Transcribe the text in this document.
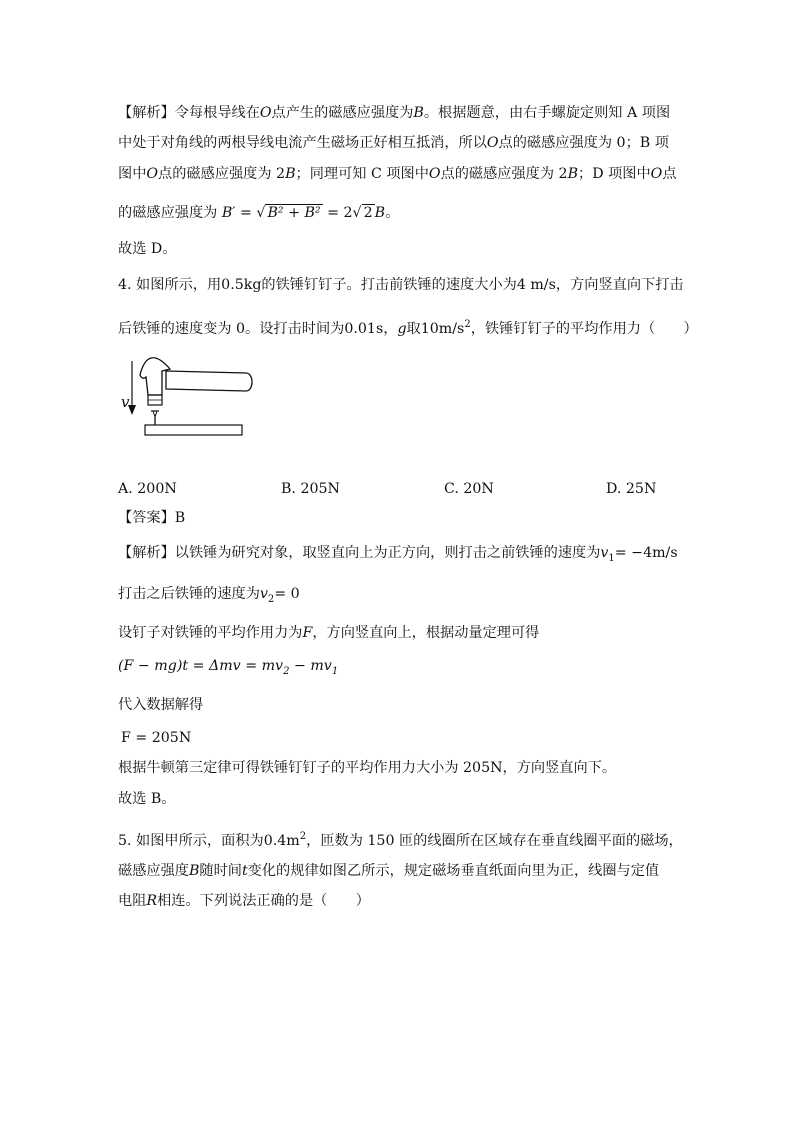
【解析】令每根导线在O点产生的磁感应强度为B。根据题意，由右手螺旋定则知 A 项图
中处于对角线的两根导线电流产生磁场正好相互抵消，所以O点的磁感应强度为 0；B 项
图中O点的磁感应强度为 2B；同理可知 C 项图中O点的磁感应强度为 2B；D 项图中O点
的磁感应强度为 B′ = √ B² + B² = 2√ 2 B。
故选 D。
4. 如图所示，用0.5kg的铁锤钉钉子。打击前铁锤的速度大小为4 m/s，方向竖直向下打击
后铁锤的速度变为 0。设打击时间为0.01s，g取$10m/s^2$，铁锤钉钉子的平均作用力（　　）
v
A. 200N	B. 205N	C. 20N	D. 25N
【答案】B
【解析】以铁锤为研究对象，取竖直向上为正方向，则打击之前铁锤的速度为$v_1= -4m/s$
打击之后铁锤的速度为$v_2= 0$
设钉子对铁锤的平均作用力为F，方向竖直向上，根据动量定理可得
$(F - mg)t = \Delta mv = mv_2 - mv_1$
代入数据解得
F = 205N
根据牛顿第三定律可得铁锤钉钉子的平均作用力大小为 205N，方向竖直向下。
故选 B。
5. 如图甲所示，面积为$0.4m^2$，匝数为 150 匝的线圈所在区域存在垂直线圈平面的磁场，
磁感应强度B随时间t变化的规律如图乙所示，规定磁场垂直纸面向里为正，线圈与定值
电阻R相连。下列说法正确的是（　　）
